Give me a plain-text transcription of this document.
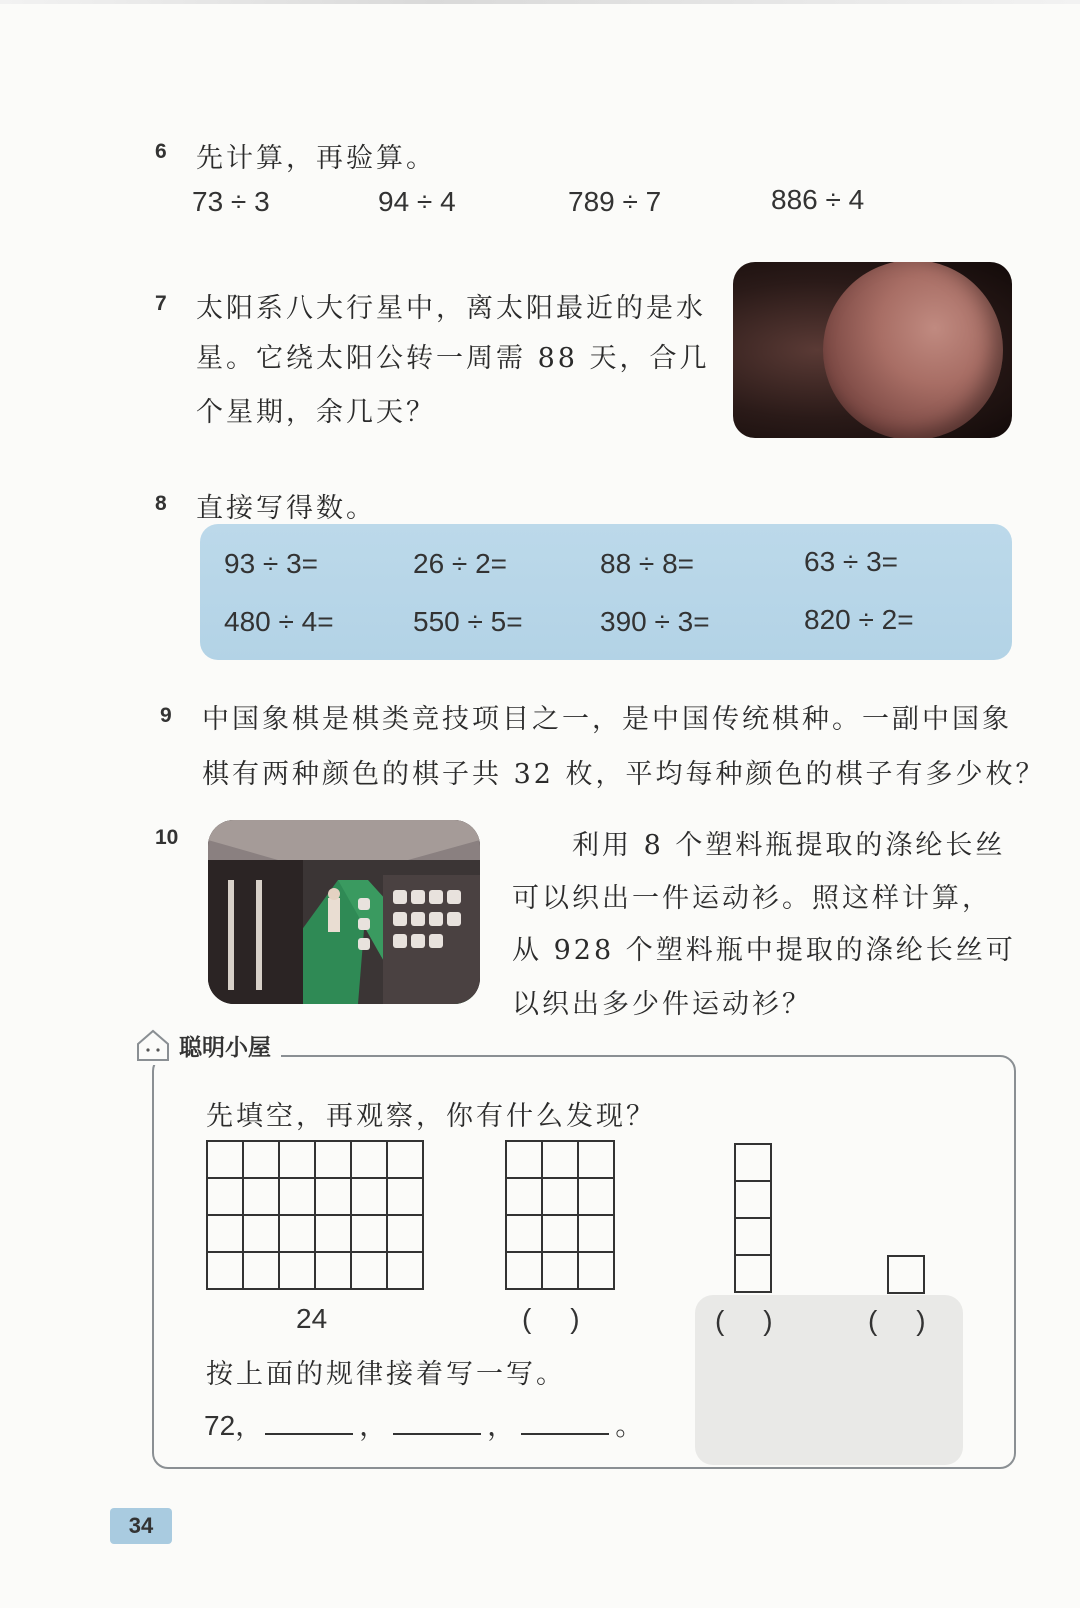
6 先计算，再验算。
73 ÷ 3	94 ÷ 4	789 ÷ 7	886 ÷ 4
7 太阳系八大行星中，离太阳最近的是水
星。它绕太阳公转一周需 88 天，合几
个星期，余几天？
8 直接写得数。
93 ÷ 3=	26 ÷ 2=	88 ÷ 8=	63 ÷ 3=
480 ÷ 4=	550 ÷ 5=	390 ÷ 3=	820 ÷ 2=
9 中国象棋是棋类竞技项目之一，是中国传统棋种。一副中国象
棋有两种颜色的棋子共 32 枚，平均每种颜色的棋子有多少枚？
10	利用 8 个塑料瓶提取的涤纶长丝
可以织出一件运动衫。照这样计算，
从 928 个塑料瓶中提取的涤纶长丝可
以织出多少件运动衫？
聪明小屋
先填空，再观察，你有什么发现？

24	(     )	(     )	(     )
按上面的规律接着写一写。
72，	，	，	。
34
